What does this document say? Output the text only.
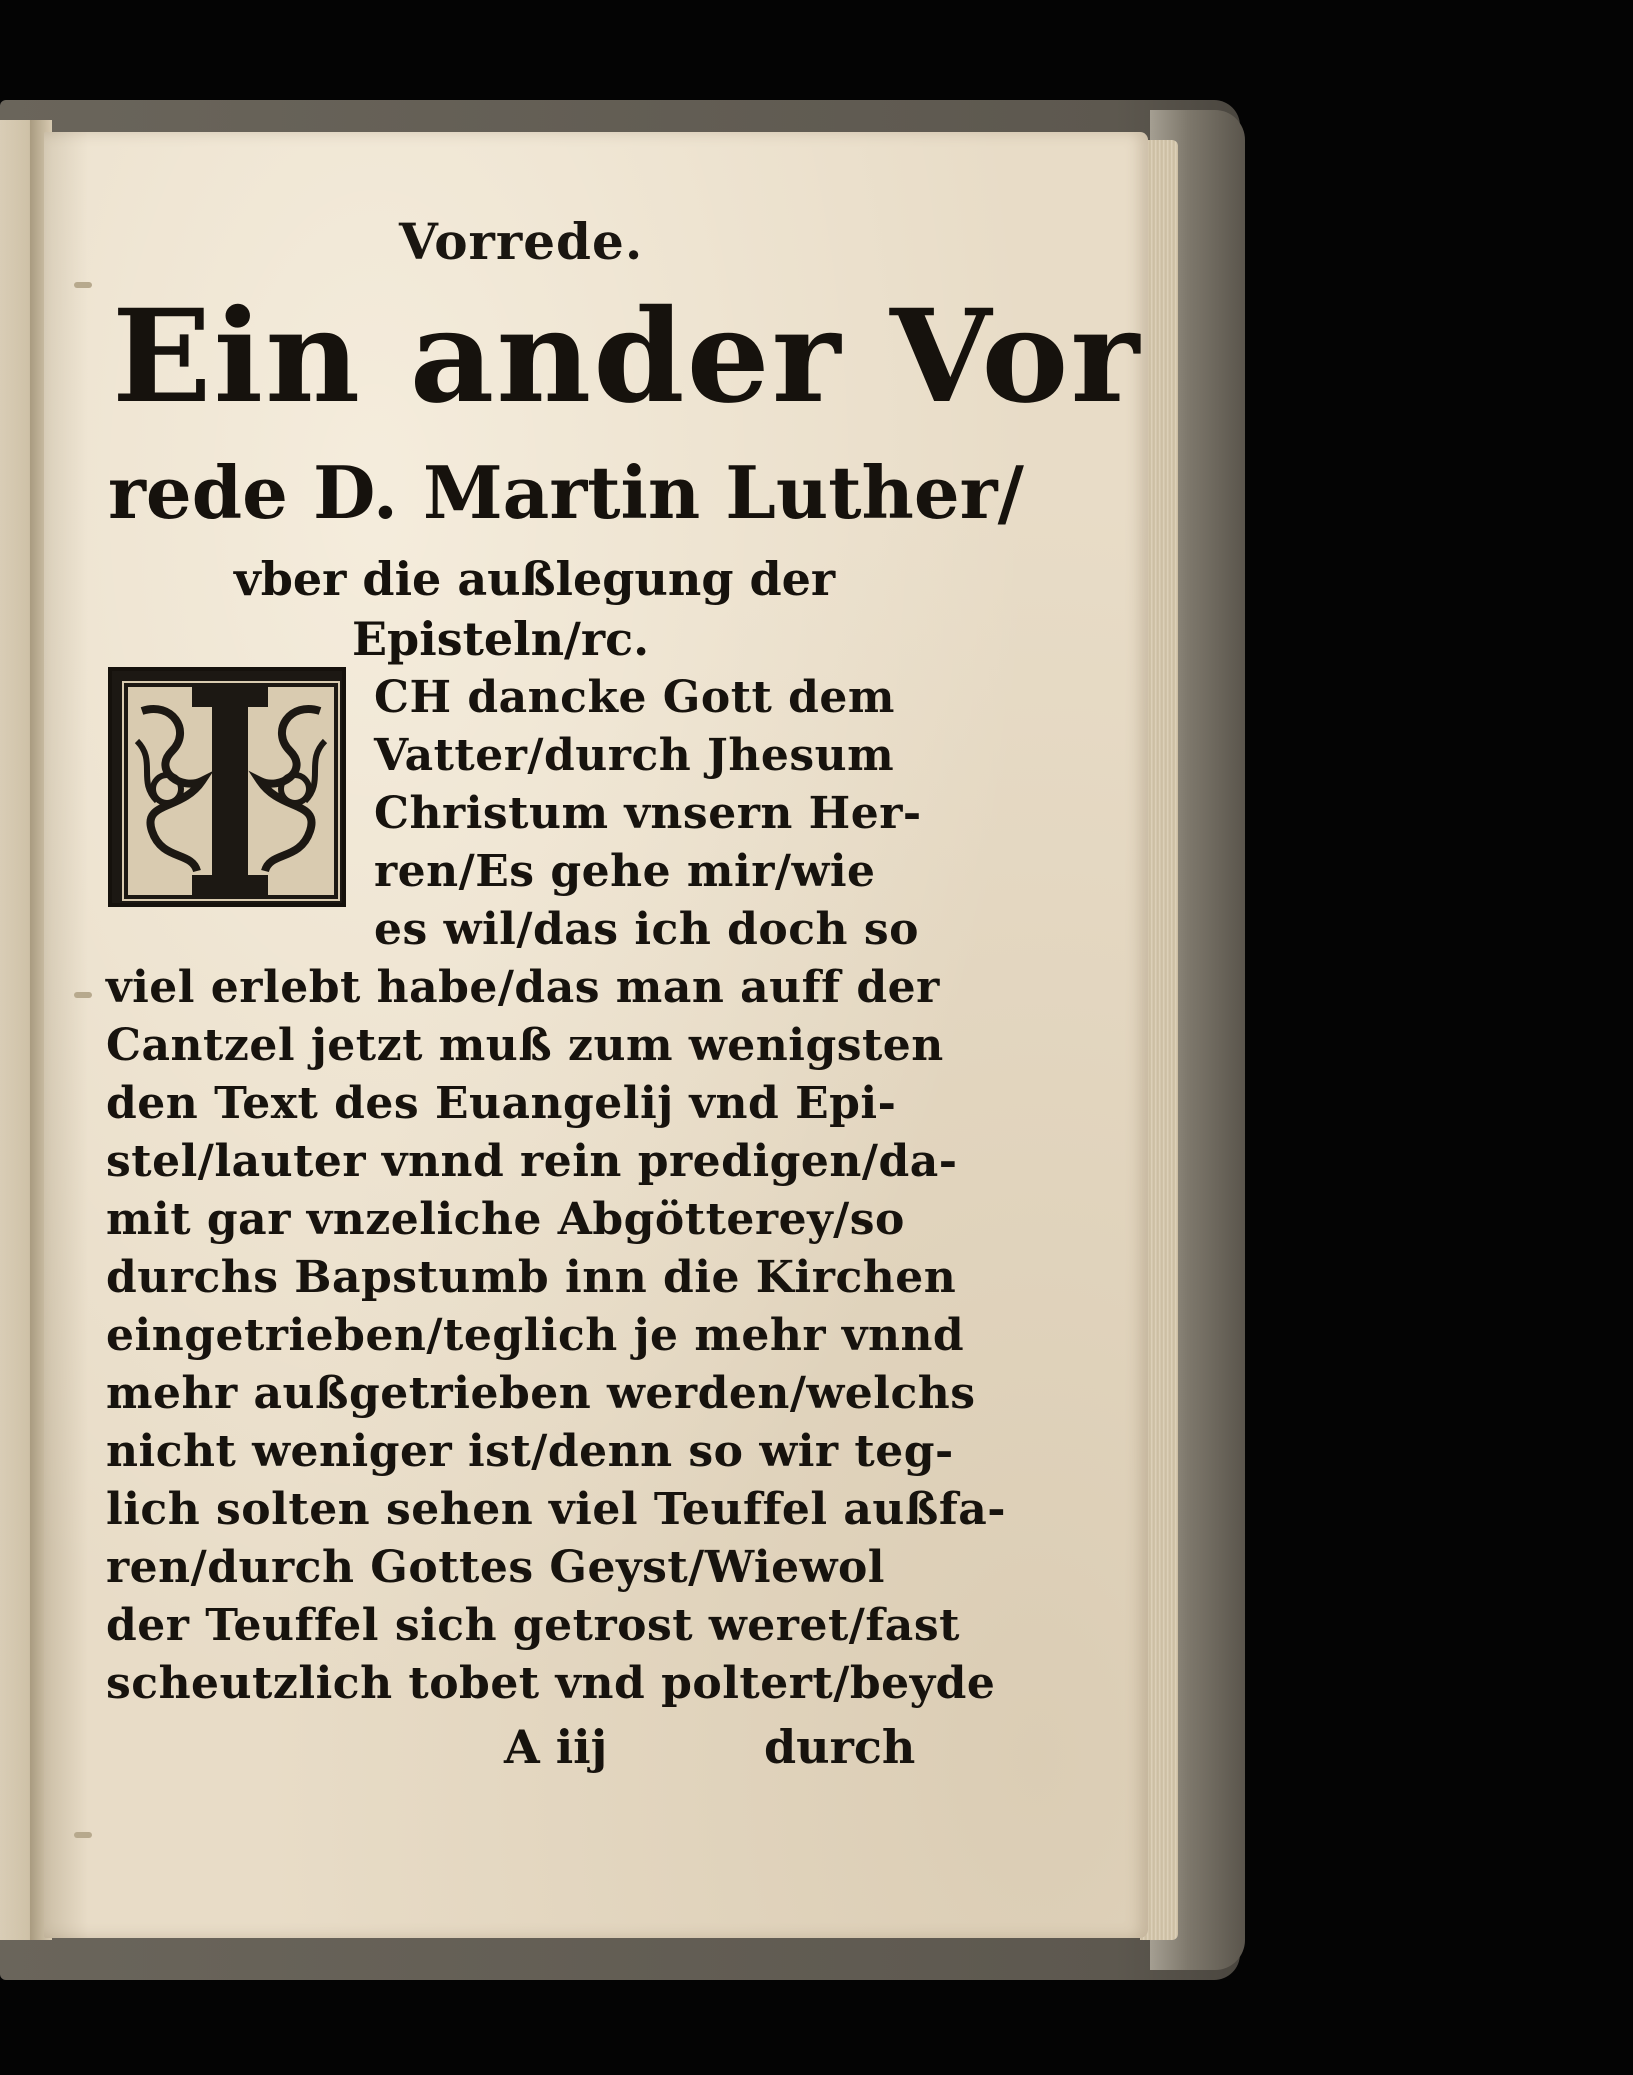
Vorrede.
Ein ander Vor
rede D. Martin Luther/
vber die außlegung der
Episteln/rc.
CH dancke Gott dem
Vatter/durch Jhesum
Christum vnsern Her-
ren/Es gehe mir/wie
es wil/das ich doch so
viel erlebt habe/das man auff der
Cantzel jetzt muß zum wenigsten
den Text des Euangelij vnd Epi-
stel/lauter vnnd rein predigen/da-
mit gar vnzeliche Abgötterey/so
durchs Bapstumb inn die Kirchen
eingetrieben/teglich je mehr vnnd
mehr außgetrieben werden/welchs
nicht weniger ist/denn so wir teg-
lich solten sehen viel Teuffel außfa-
ren/durch Gottes Geyst/Wiewol
der Teuffel sich getrost weret/fast
scheutzlich tobet vnd poltert/beyde
A iij	durch
